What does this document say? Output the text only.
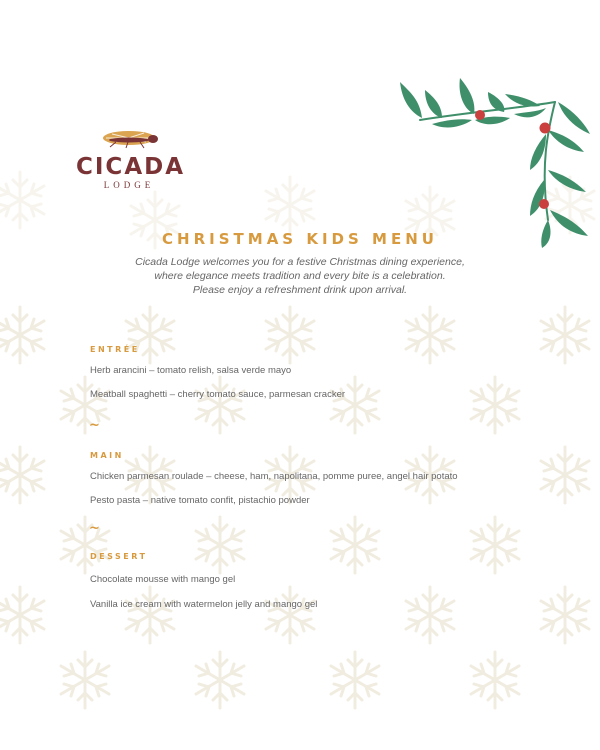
CICADA
LODGE
CHRISTMAS KIDS MENU
Cicada Lodge welcomes you for a festive Christmas dining experience,
where elegance meets tradition and every bite is a celebration.
Please enjoy a refreshment drink upon arrival.
ENTRÉE
Herb arancini – tomato relish, salsa verde mayo
Meatball spaghetti – cherry tomato sauce, parmesan cracker
~
MAIN
Chicken parmesan roulade – cheese, ham, napolitana, pomme puree, angel hair potato
Pesto pasta – native tomato confit, pistachio powder
~
DESSERT
Chocolate mousse with mango gel
Vanilla ice cream with watermelon jelly and mango gel
